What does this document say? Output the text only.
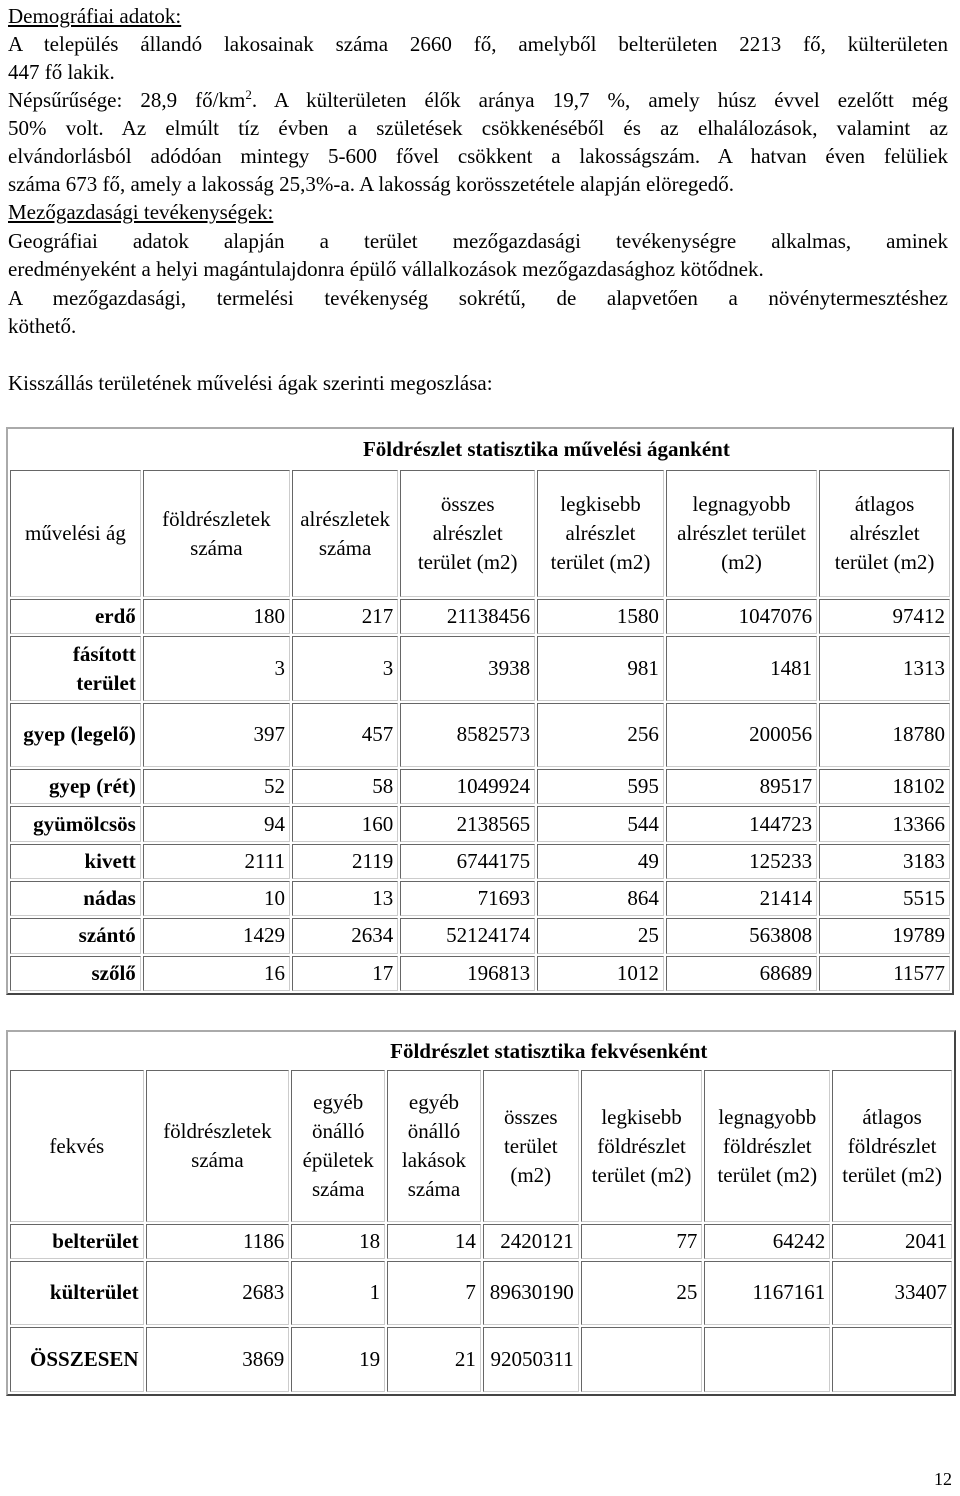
Demográfiai adatok:
A település állandó lakosainak száma 2660 fő, amelyből belterületen 2213 fő, külterületen
447 fő lakik.
Népsűrűsége: 28,9 $fő/km^2$. A külterületen élők aránya 19,7 %, amely húsz évvel ezelőtt még
50% volt. Az elmúlt tíz évben a születések csökkenéséből és az elhalálozások, valamint az
elvándorlásból adódóan mintegy 5-600 fővel csökkent a lakosságszám. A hatvan éven felüliek
száma 673 fő, amely a lakosság 25,3%-a. A lakosság korösszetétele alapján elöregedő.
Mezőgazdasági tevékenységek:
Geográfiai adatok alapján a terület mezőgazdasági tevékenységre alkalmas, aminek
eredményeként a helyi magántulajdonra épülő vállalkozások mezőgazdasághoz kötődnek.
A mezőgazdasági, termelési tevékenység sokrétű, de alapvetően a növénytermesztéshez
köthető.
Kisszállás területének művelési ágak szerinti megoszlása:
	Földrészlet statisztika művelési áganként					
művelési ág	földrészletek száma	alrészletek száma	összes alrészlet terület (m2)	legkisebb alrészlet terület (m2)	legnagyobb alrészlet terület (m2)	átlagos alrészlet terület (m2)
erdő	180	217	21138456	1580	1047076	97412
fásított terület	3	3	3938	981	1481	1313
gyep (legelő)	397	457	8582573	256	200056	18780
gyep (rét)	52	58	1049924	595	89517	18102
gyümölcsös	94	160	2138565	544	144723	13366
kivett	2111	2119	6744175	49	125233	3183
nádas	10	13	71693	864	21414	5515
szántó	1429	2634	52124174	25	563808	19789
szőlő	16	17	196813	1012	68689	11577
	Földrészlet statisztika fekvésenként						
fekvés	földrészletek száma	egyéb önálló épületek száma	egyéb önálló lakások száma	összes terület (m2)	legkisebb földrészlet terület (m2)	legnagyobb földrészlet terület (m2)	átlagos földrészlet terület (m2)
belterület	1186	18	14	2420121	77	64242	2041
külterület	2683	1	7	89630190	25	1167161	33407
ÖSSZESEN	3869	19	21	92050311			
12
